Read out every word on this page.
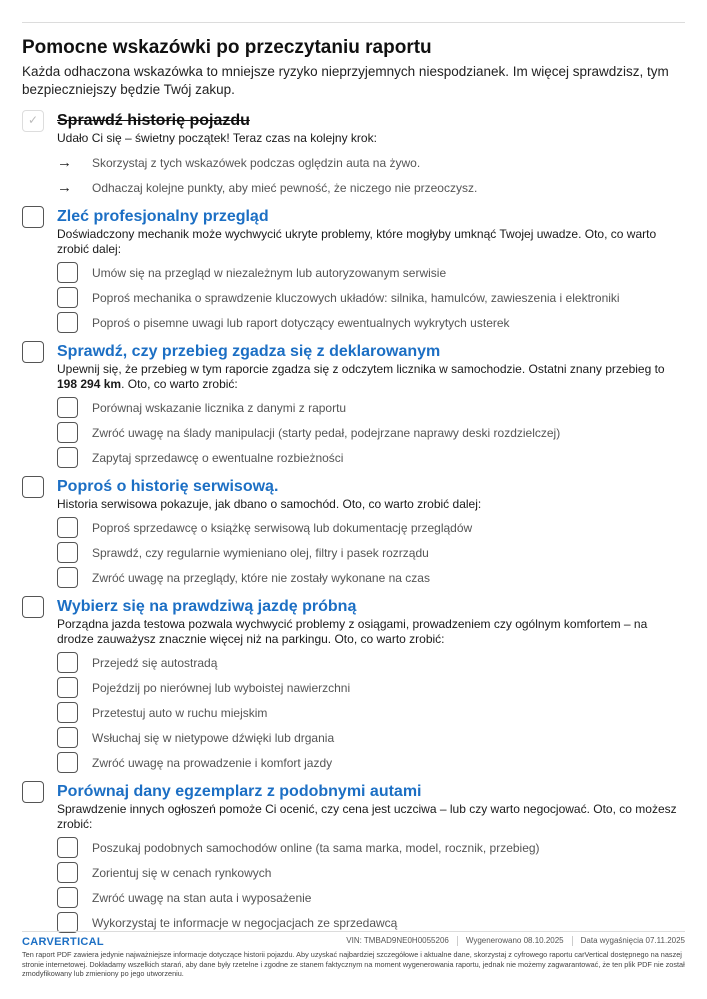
Pomocne wskazówki po przeczytaniu raportu

Każda odhaczona wskazówka to mniejsze ryzyko nieprzyjemnych niespodzianek. Im więcej sprawdzisz, tym bezpieczniejszy będzie Twój zakup.

✓	Sprawdź historię pojazdu

Udało Ci się – świetny początek! Teraz czas na kolejny krok:

→	Skorzystaj z tych wskazówek podczas oględzin auta na żywo.
→	Odhaczaj kolejne punkty, aby mieć pewność, że niczego nie przeoczysz.
Zleć profesjonalny przegląd

Doświadczony mechanik może wychwycić ukryte problemy, które mogłyby umknąć Twojej uwadze. Oto, co warto zrobić dalej:

Umów się na przegląd w niezależnym lub autoryzowanym serwisie
Poproś mechanika o sprawdzenie kluczowych układów: silnika, hamulców, zawieszenia i elektroniki
Poproś o pisemne uwagi lub raport dotyczący ewentualnych wykrytych usterek
Sprawdź, czy przebieg zgadza się z deklarowanym

Upewnij się, że przebieg w tym raporcie zgadza się z odczytem licznika w samochodzie. Ostatni znany przebieg to 198 294 km. Oto, co warto zrobić:

Porównaj wskazanie licznika z danymi z raportu
Zwróć uwagę na ślady manipulacji (starty pedał, podejrzane naprawy deski rozdzielczej)
Zapytaj sprzedawcę o ewentualne rozbieżności
Poproś o historię serwisową.

Historia serwisowa pokazuje, jak dbano o samochód. Oto, co warto zrobić dalej:

Poproś sprzedawcę o książkę serwisową lub dokumentację przeglądów
Sprawdź, czy regularnie wymieniano olej, filtry i pasek rozrządu
Zwróć uwagę na przeglądy, które nie zostały wykonane na czas
Wybierz się na prawdziwą jazdę próbną

Porządna jazda testowa pozwala wychwycić problemy z osiągami, prowadzeniem czy ogólnym komfortem – na drodze zauważysz znacznie więcej niż na parkingu. Oto, co warto zrobić:

Przejedź się autostradą
Pojeździj po nierównej lub wyboistej nawierzchni
Przetestuj auto w ruchu miejskim
Wsłuchaj się w nietypowe dźwięki lub drgania
Zwróć uwagę na prowadzenie i komfort jazdy
Porównaj dany egzemplarz z podobnymi autami

Sprawdzenie innych ogłoszeń pomoże Ci ocenić, czy cena jest uczciwa – lub czy warto negocjować. Oto, co możesz zrobić:

Poszukaj podobnych samochodów online (ta sama marka, model, rocznik, przebieg)
Zorientuj się w cenach rynkowych
Zwróć uwagę na stan auta i wyposażenie
Wykorzystaj te informacje w negocjacjach ze sprzedawcą
CARVERTICAL	VIN: TMBAD9NE0H0055206 Wygenerowano 08.10.2025 Data wygaśnięcia 07.11.2025

Ten raport PDF zawiera jedynie najważniejsze informacje dotyczące historii pojazdu. Aby uzyskać najbardziej szczegółowe i aktualne dane, skorzystaj z cyfrowego raportu carVertical dostępnego na naszej stronie internetowej. Dokładamy wszelkich starań, aby dane były rzetelne i zgodne ze stanem faktycznym na moment wygenerowania raportu, jednak nie możemy zagwarantować, że ten plik PDF nie został zmodyfikowany lub zmieniony po jego utworzeniu.
